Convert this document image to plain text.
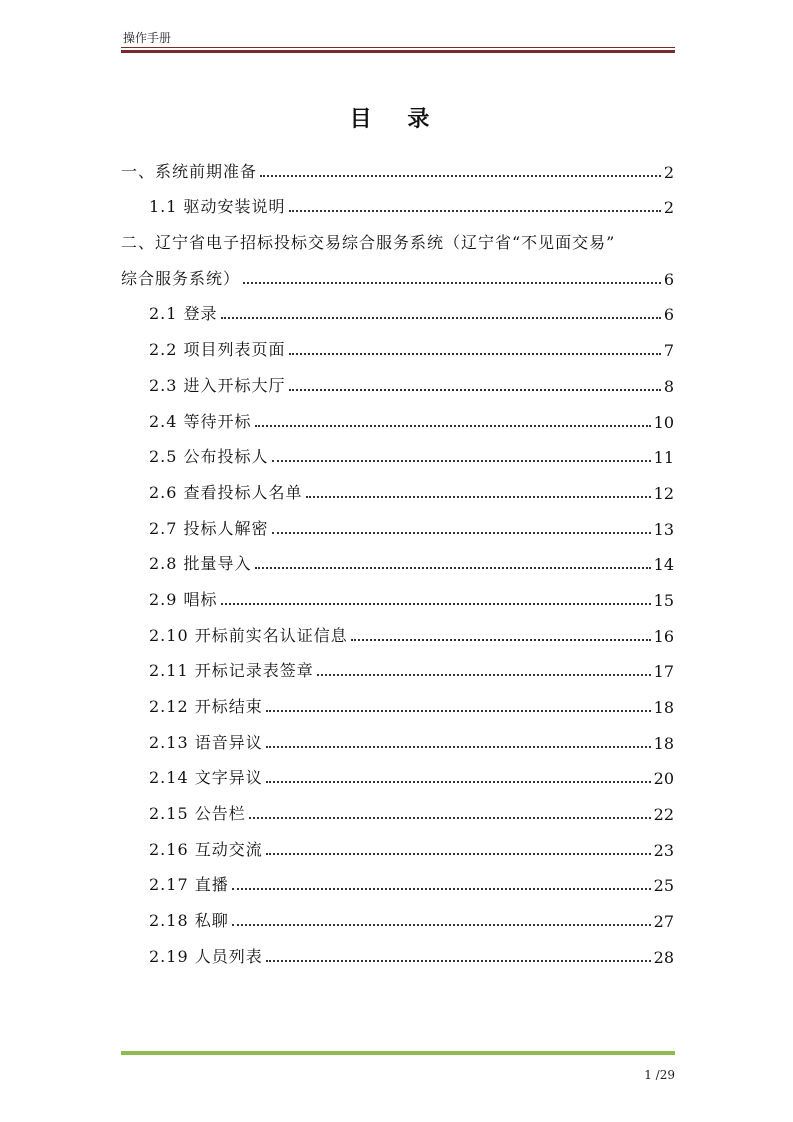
操作手册
目 录
一、系统前期准备	2
1.1 驱动安装说明	2
二、辽宁省电子招标投标交易综合服务系统（辽宁省“不见面交易”
综合服务系统）	6
2.1 登录	6
2.2 项目列表页面	7
2.3 进入开标大厅	8
2.4 等待开标	10
2.5 公布投标人	11
2.6 查看投标人名单	12
2.7 投标人解密	13
2.8 批量导入	14
2.9 唱标	15
2.10 开标前实名认证信息	16
2.11 开标记录表签章	17
2.12 开标结束	18
2.13 语音异议	18
2.14 文字异议	20
2.15 公告栏	22
2.16 互动交流	23
2.17 直播	25
2.18 私聊	27
2.19 人员列表	28
1 /29
